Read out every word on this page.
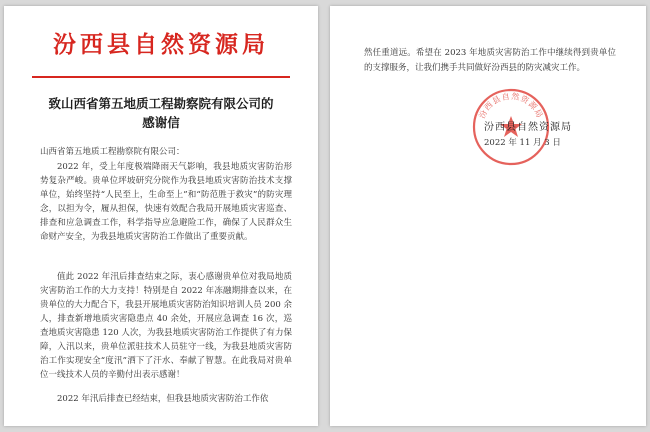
汾西县自然资源局
致山西省第五地质工程勘察院有限公司的
感谢信
山西省第五地质工程勘察院有限公司：
2022 年，受上年度极端降雨天气影响，我县地质灾害防治形势复杂严峻。贵单位坪坡研究分院作为我县地质灾害防治技术支撑单位，始终坚持“人民至上，生命至上”和“防范胜于救灾”的防灾理念，以担为令，履从担保，快速有效配合我局开展地质灾害巡查、排查和应急调查工作，科学指导应急避险工作，确保了人民群众生命财产安全，为我县地质灾害防治工作做出了重要贡献。
值此 2022 年汛后排查结束之际，衷心感谢贵单位对我局地质灾害防治工作的大力支持！特别是自 2022 年冻融期排查以来，在贵单位的大力配合下，我县开展地质灾害防治知识培训人员 200 余人，排查新增地质灾害隐患点 40 余处，开展应急调查 16 次，巡查地质灾害隐患 120 人次，为我县地质灾害防治工作提供了有力保障，入汛以来，贵单位派驻技术人员驻守一线，为我县地质灾害防治工作实现安全“度汛”洒下了汗水、奉献了智慧。在此我局对贵单位一线技术人员的辛勤付出表示感谢！
2022 年汛后排查已经结束，但我县地质灾害防治工作依
然任重道远。希望在 2023 年地质灾害防治工作中继续得到贵单位的支撑服务，让我们携手共同做好汾西县的防灾减灾工作。
汾西县自然资源局
汾西县自然资源局
2022 年 11 月 3 日
